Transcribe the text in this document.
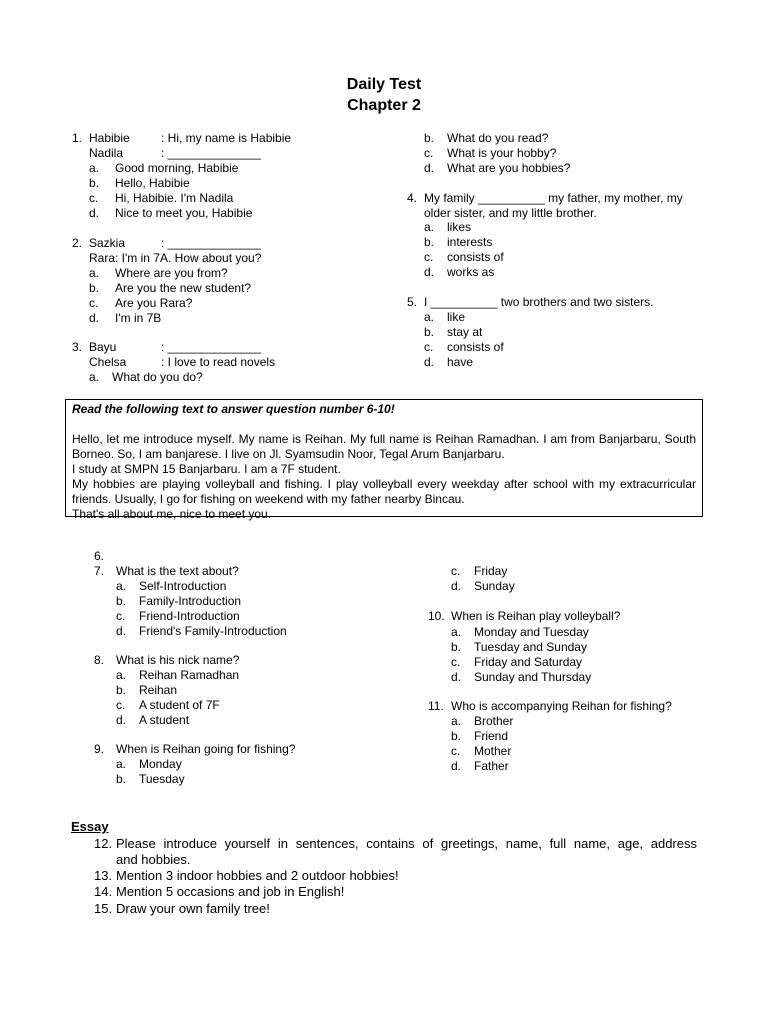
Daily Test
Chapter 2
1. Habibie	: Hi, my name is Habibie
Nadila	: ______________
a. Good morning, Habibie
b. Hello, Habibie
c. Hi, Habibie. I'm Nadila
d. Nice to meet you, Habibie
2. Sazkia	: ______________
Rara: I'm in 7A. How about you?
a. Where are you from?
b. Are you the new student?
c. Are you Rara?
d. I'm in 7B
3. Bayu	: ______________
Chelsa	: I love to read novels
a. What do you do?
b. What do you read?
c. What is your hobby?
d. What are you hobbies?
4. My family __________ my father, my mother, my
older sister, and my little brother.
a. likes
b. interests
c. consists of
d. works as
5. I __________ two brothers and two sisters.
a. like
b. stay at
c. consists of
d. have

Read the following text to answer question number 6-10!

Hello, let me introduce myself. My name is Reihan. My full name is Reihan Ramadhan. I am from Banjarbaru, South Borneo. So, I am banjarese. I live on Jl. Syamsudin Noor, Tegal Arum Banjarbaru.

I study at SMPN 15 Banjarbaru. I am a 7F student.

My hobbies are playing volleyball and fishing. I play volleyball every weekday after school with my extracurricular friends. Usually, I go for fishing on weekend with my father nearby Bincau.

That's all about me, nice to meet you.

6.
7. What is the text about?
a. Self-Introduction
b. Family-Introduction
c. Friend-Introduction
d. Friend's Family-Introduction
8. What is his nick name?
a. Reihan Ramadhan
b. Reihan
c. A student of 7F
d. A student
9. When is Reihan going for fishing?
a. Monday
b. Tuesday
c. Friday
d. Sunday
10. When is Reihan play volleyball?
a. Monday and Tuesday
b. Tuesday and Sunday
c. Friday and Saturday
d. Sunday and Thursday
11. Who is accompanying Reihan for fishing?
a. Brother
b. Friend
c. Mother
d. Father
Essay
12. Please introduce yourself in sentences, contains of greetings, name, full name, age, address
and hobbies.
13. Mention 3 indoor hobbies and 2 outdoor hobbies!
14. Mention 5 occasions and job in English!
15. Draw your own family tree!
